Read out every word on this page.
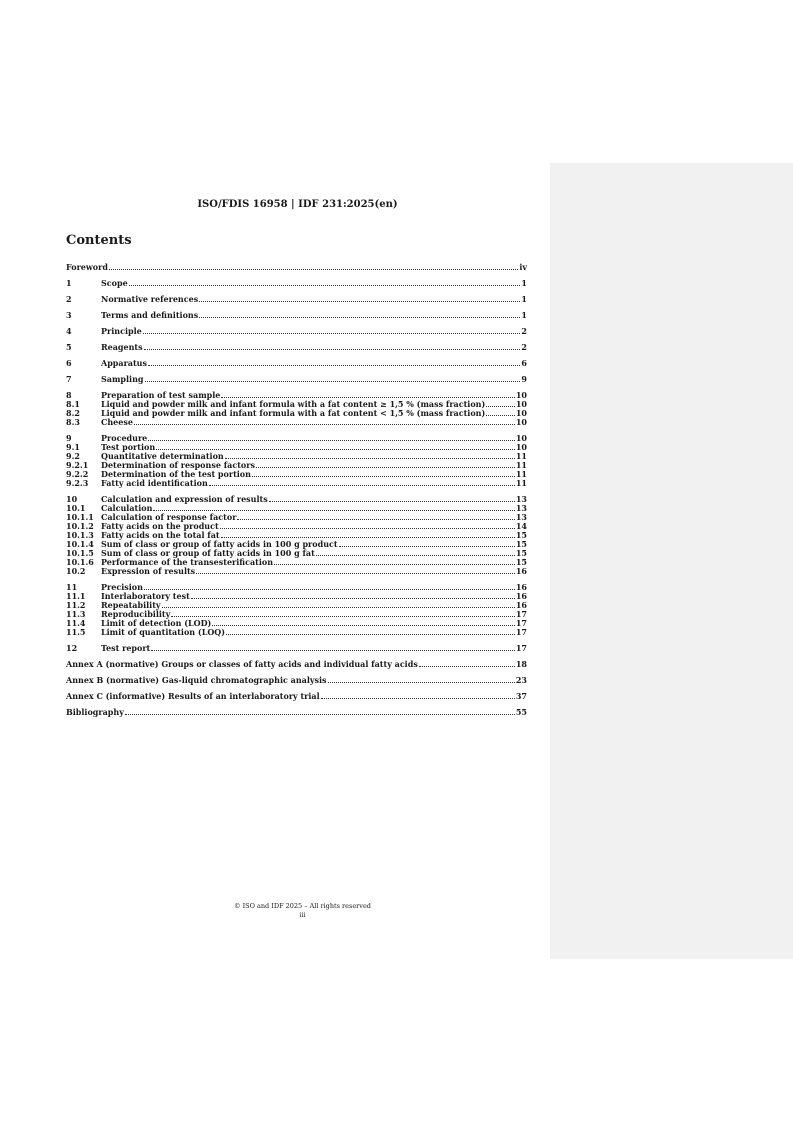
ISO/FDIS 16958 | IDF 231:2025(en)
Contents
Foreword	iv
1	Scope	1
2	Normative references	1
3	Terms and definitions	1
4	Principle	2
5	Reagents	2
6	Apparatus	6
7	Sampling	9
8	Preparation of test sample	10
8.1	Liquid and powder milk and infant formula with a fat content ≥ 1,5 % (mass fraction)	10
8.2	Liquid and powder milk and infant formula with a fat content < 1,5 % (mass fraction)	10
8.3	Cheese	10
9	Procedure	10
9.1	Test portion	10
9.2	Quantitative determination	11
9.2.1	Determination of response factors	11
9.2.2	Determination of the test portion	11
9.2.3	Fatty acid identification	11
10	Calculation and expression of results	13
10.1	Calculation	13
10.1.1 Calculation of response factor	13
10.1.2 Fatty acids on the product	14
10.1.3 Fatty acids on the total fat	15
10.1.4 Sum of class or group of fatty acids in 100 g product	15
10.1.5 Sum of class or group of fatty acids in 100 g fat	15
10.1.6 Performance of the transesterification	15
10.2	Expression of results	16
11	Precision	16
11.1	Interlaboratory test	16
11.2	Repeatability	16
11.3	Reproducibility	17
11.4	Limit of detection (LOD)	17
11.5	Limit of quantitation (LOQ)	17
12	Test report	17
Annex A (normative) Groups or classes of fatty acids and individual fatty acids	18
Annex B (normative) Gas-liquid chromatographic analysis	23
Annex C (informative) Results of an interlaboratory trial	37
Bibliography	55
© ISO and IDF 2025 – All rights reserved
iii
